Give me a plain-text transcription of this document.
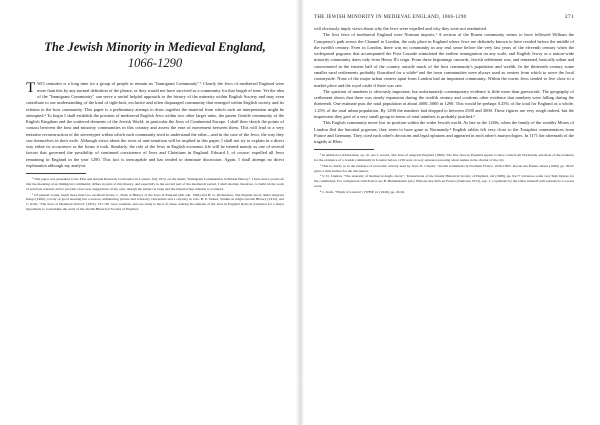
The Jewish Minority in Medieval England,
1066-1290

T WO centuries is a long time for a group of people to remain an "Immigrant Community".¹ Clearly the Jews of mediaeval England were more than this by any normal definition of the phrase, or they would not have survived as a community for that length of time. Yet the idea of the "Immigrant Community" can serve a useful helpful approach to the history of the minority within English Society and may even contribute to our understanding of the kind of tight-knit, exclusive and often disparaged community that emerged within English society and its relation to the host community. This paper is a preliminary attempt to draw together the material from which such an interpretation might be attempted.² To begin I shall establish the position of mediaeval English Jews within two other larger units, the parent Gentile community of the English Kingdom and the scattered elements of the Jewish World, in particular the Jews of Continental Europe. I shall then sketch the points of contact between the host and minority communities in this country and assess the ease of movement between them. This will lead to a very tentative reconstruction of the stereotypes within which each community tried to understand the other—and in the case of the Jews, the way they saw themselves in their exile. Although views about the roots of anti-semitism will be implied in this paper, I shall not try to explain in a direct way either its occurrence or the forms it took. Similarly, the role of the Jews in English economic life will be treated mainly as one of several factors that governed the possibility of continued coexistence of Jews and Christians in England. Edward I, of course, expelled all Jews remaining in England in the year 1290. This fact is inescapable and has tended to dominate discussion. Again, I shall attempt no direct explanation although my analysis

¹ This paper was presented to the First and Annual Research Conference in London, July 1972, on the theme "Immigrant Communities in British History". I have had to point out that the meaning of an immigrant community differs in parts of this history, and especially in the second part of the mediaeval period. I shall attempt, therefore, to build on the work of previous scholars and to provide a few new suggestions of my own, though the subject is large and the material that remains is scattered.

² Of general works, much more than two excellent books, C. Roth, A History of the Jews in England (4th edn. 1964) and H. G. Richardson, The English Jewry under Angevin Kings (1960), a body of good learning but a narrow, unflattering picture and scholarly viewpoints and a capacity in vols. H. P. Stokes, Studies in Anglo-Jewish History (1913), and C. Roth, "The Jews of Medieval Oxford" (1951), 157-181 were valuable, and one study is most of value. Among Documents of the Jews in England Rolls in particular for a major hypothesis to consolidate the work of the Jewish Historical Society of England.

THE JEWISH MINORITY IN MEDIEVAL ENGLAND, 1066-1290	271

will obviously imply views about why the Jews were expelled and why they were not readmitted.

The first Jews of mediaeval England were Norman imports.¹ A section of the Rouen community seems to have followed William the Conqueror's path across the Channel to London, the only place in England where Jews are definitely known to have resided before the middle of the twelfth century. Even in London, there was no community in any real sense before the very last years of the eleventh century when the widespread pogroms that accompanied the First Crusade stimulated the earliest immigration on any scale, and English Jewry as a nation-wide minority community dates only from Henry II's reign. From these beginnings onwards, Jewish settlement was, and remained, basically urban and concentrated in the eastern half of the country outside much of the host community's population and wealth. In the thirteenth century some smaller rural settlements probably flourished for a while² and the town communities were always used as centres from which to serve the local countryside. None of the major urban centres apart from London had an important community. Within the towns Jews tended to live close to a market place and the royal castle if there was one.

The question of numbers is obviously important, but unfortunately contemporary evidence is little more than guesswork. The geography of settlement shows that there was steady expansion during the twelfth century and confirms other evidence that numbers were falling during the thirteenth. One estimate puts the total population at about 4000–5000 in 1290. This would be perhaps 0.25% of the total for England as a whole, 1.25% of the total urban population. By 1290 the numbers had dropped to between 2500 and 3000. These figures are very rough indeed, but the impression they give of a very small group in terms of total numbers is probably justified.³

This English community never lost its position within the wider Jewish world. As late as the 1260s, when the family of the wealthy Moses of London fled the baronial pogroms, they seem to have gone to Normandy.⁴ English rabbis felt very close to the Tosaphist commentators from France and Germany. They cited each other's decisions and legal opinions and appeared in each other's martyrologies. In 1171 the aftermath of the tragedy at Blois

¹ In addition to Richardson, op. cit. see J. Jacobs, The Jews of Angevin England (1893). The first Jews in England appear to have come from Normandy and most of the evidence for the existence of a Jewish community in London before 1130 rests on very tenuous reasoning about names in the charter of the city.

² This is clearly so in the evidence of economic activity used by Jews. R. Chazan, "Jewish settlements in Northern France, 1096-1306", Revue des Études Juives (1969), pp. 39-65 gives a little further for the discussion.

³ V. D. Lipman, "The anatomy of mediaeval Anglo-Jewry", Transactions of the Jewish Historical Society of England, xxi (1968), pp. 64-77 advances some very high figures for the community. For comparison with France see B. Blumenkranz (ed.), Histoire des Juifs en France (Toulouse 1972), esp. 1; a synthesis by the editor himself with references to recent work.

⁴ C. Roth, "Elijah of London", TJHSE xv (1946), pp. 29-62.
